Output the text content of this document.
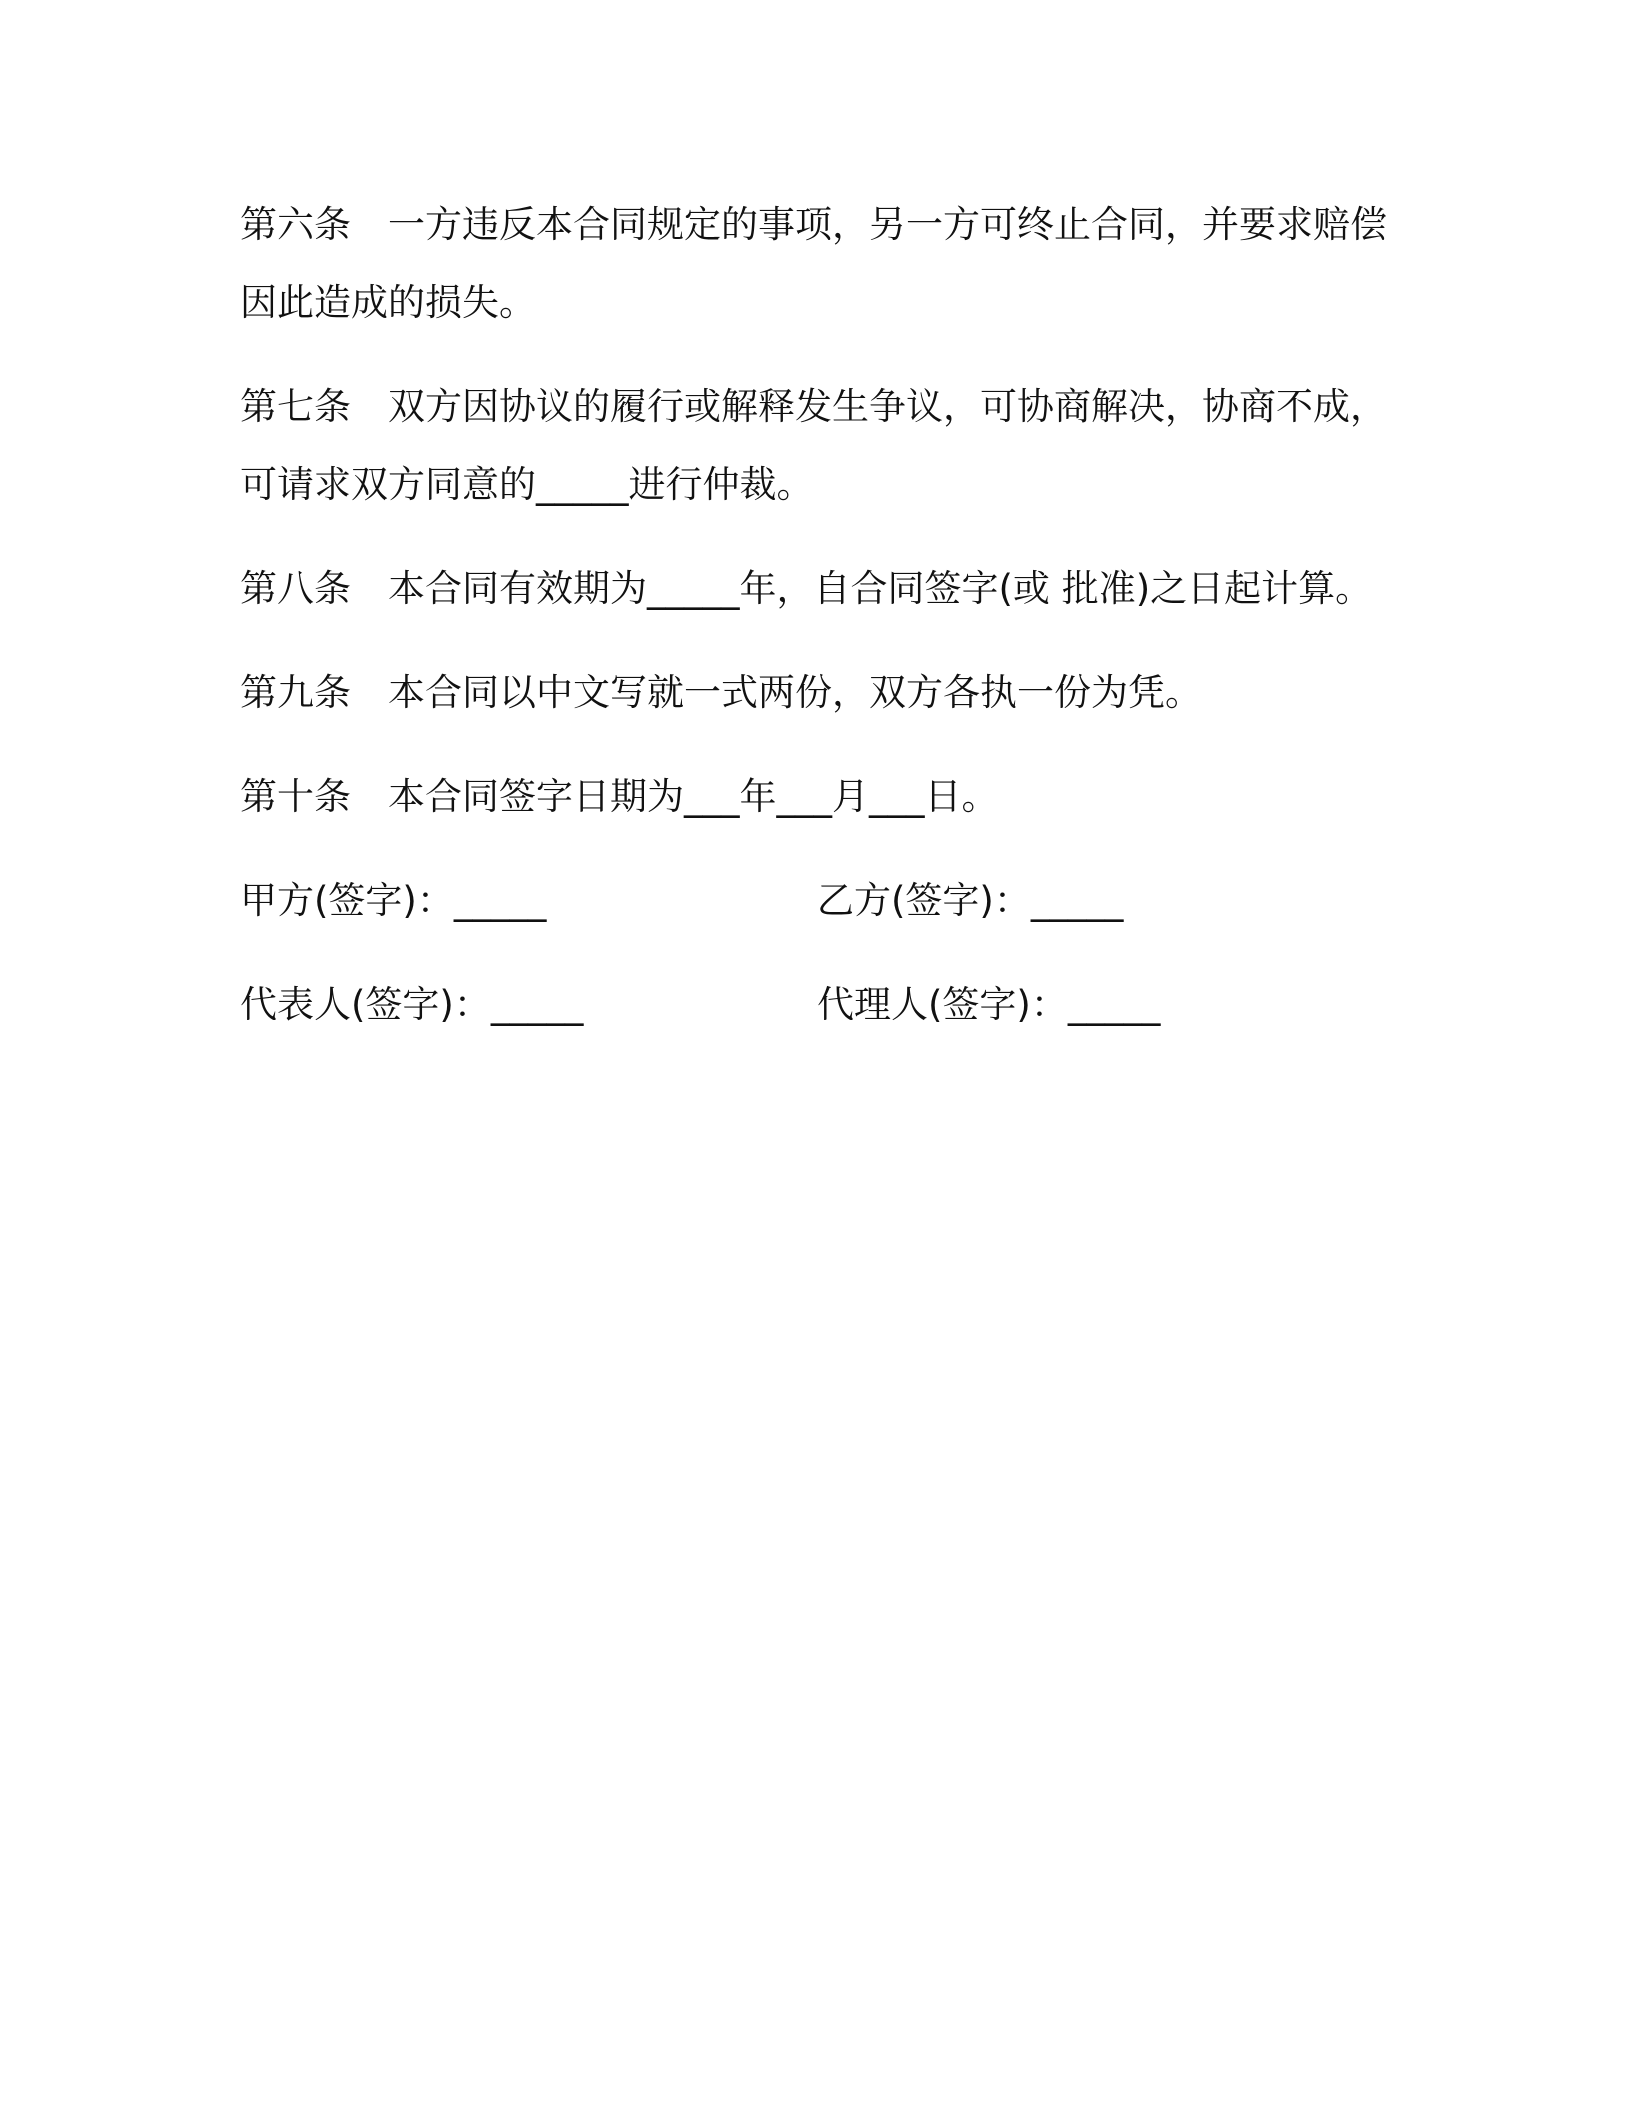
第六条 一方违反本合同规定的事项，另一方可终止合同，并要求赔偿因此造成的损失。

第七条 双方因协议的履行或解释发生争议，可协商解决，协商不成，可请求双方同意的_____进行仲裁。

第八条 本合同有效期为_____年，自合同签字(或 批准)之日起计算。

第九条 本合同以中文写就一式两份，双方各执一份为凭。

第十条 本合同签字日期为___年___月___日。

甲方(签字)：_____	乙方(签字)：_____
代表人(签字)：_____	代理人(签字)：_____
